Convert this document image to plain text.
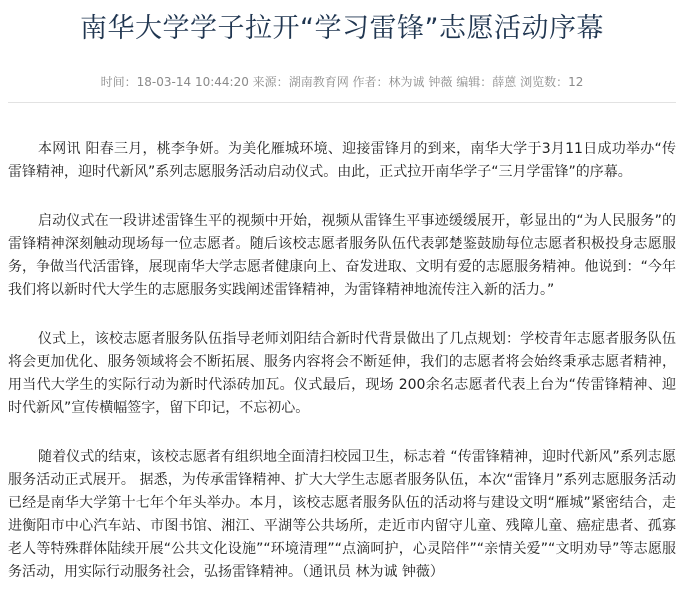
南华大学学子拉开“学习雷锋”志愿活动序幕
时间：18-03-14 10:44:20 来源：湖南教育网 作者：林为诚 钟薇 编辑：薛蒽 浏览数：12

本网讯 阳春三月，桃李争妍。为美化雁城环境、迎接雷锋月的到来，南华大学于3月11日成功举办“传雷锋精神，迎时代新风”系列志愿服务活动启动仪式。由此，正式拉开南华学子“三月学雷锋”的序幕。

启动仪式在一段讲述雷锋生平的视频中开始，视频从雷锋生平事迹缓缓展开，彰显出的“为人民服务”的雷锋精神深刻触动现场每一位志愿者。随后该校志愿者服务队伍代表郭楚鉴鼓励每位志愿者积极投身志愿服务，争做当代活雷锋，展现南华大学志愿者健康向上、奋发进取、文明有爱的志愿服务精神。他说到：“今年我们将以新时代大学生的志愿服务实践阐述雷锋精神，为雷锋精神地流传注入新的活力。”

仪式上，该校志愿者服务队伍指导老师刘阳结合新时代背景做出了几点规划：学校青年志愿者服务队伍将会更加优化、服务领域将会不断拓展、服务内容将会不断延伸，我们的志愿者将会始终秉承志愿者精神，用当代大学生的实际行动为新时代添砖加瓦。仪式最后，现场 200余名志愿者代表上台为“传雷锋精神、迎时代新风”宣传横幅签字，留下印记，不忘初心。

随着仪式的结束，该校志愿者有组织地全面清扫校园卫生，标志着 “传雷锋精神，迎时代新风”系列志愿服务活动正式展开。 据悉，为传承雷锋精神、扩大大学生志愿者服务队伍，本次“雷锋月”系列志愿服务活动已经是南华大学第十七年个年头举办。本月，该校志愿者服务队伍的活动将与建设文明“雁城”紧密结合，走进衡阳市中心汽车站、市图书馆、湘江、平湖等公共场所，走近市内留守儿童、残障儿童、癌症患者、孤寡老人等特殊群体陆续开展“公共文化设施”“环境清理”“点滴呵护，心灵陪伴”“亲情关爱”“文明劝导”等志愿服务活动，用实际行动服务社会，弘扬雷锋精神。（通讯员 林为诚 钟薇）
